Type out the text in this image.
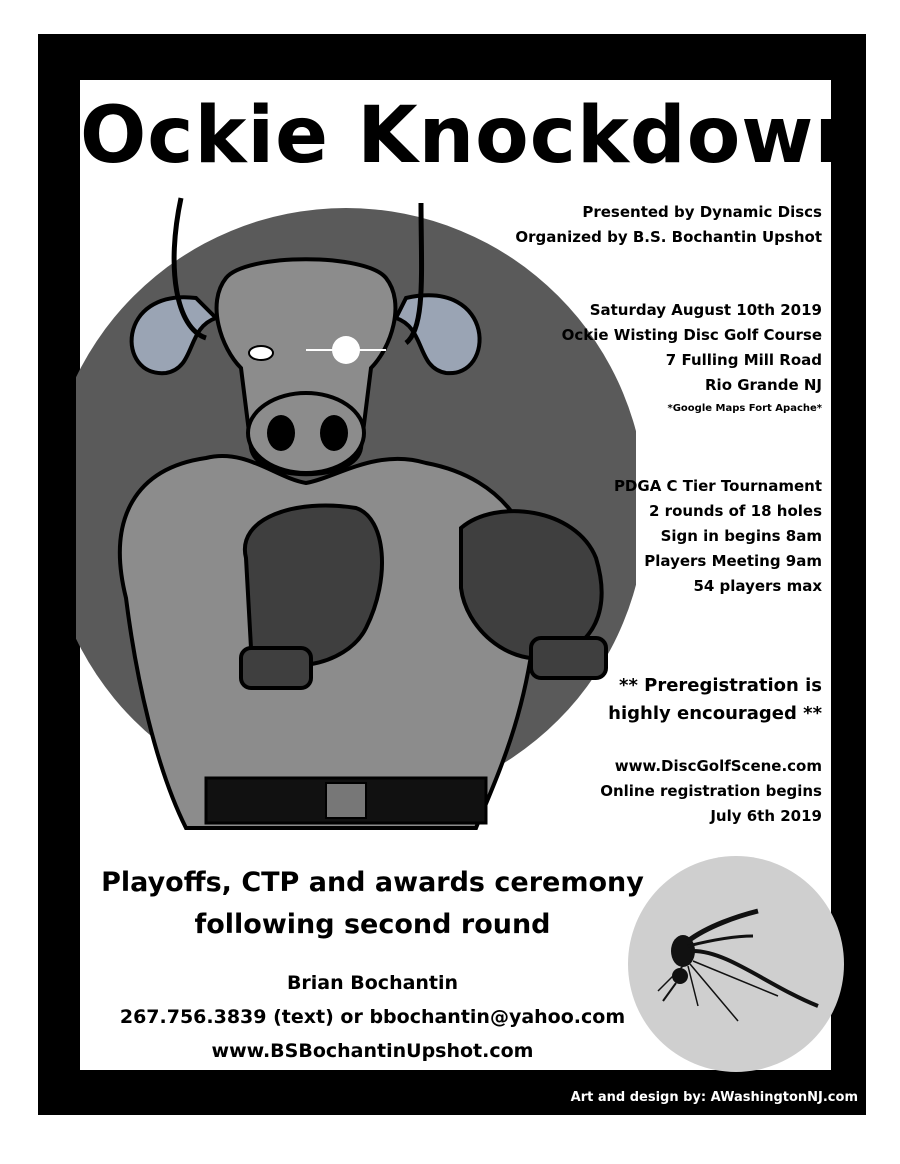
Ockie Knockdown
Presented by Dynamic Discs
Organized by B.S. Bochantin Upshot
Saturday August 10th 2019
Ockie Wisting Disc Golf Course
7 Fulling Mill Road
Rio Grande NJ
*Google Maps Fort Apache*
PDGA C Tier Tournament
2 rounds of 18 holes
Sign in begins 8am
Players Meeting 9am
54 players max
** Preregistration is
highly encouraged **
www.DiscGolfScene.com
Online registration begins
July 6th 2019
Playoffs, CTP and awards ceremony
following second round
Brian Bochantin
267.756.3839 (text) or bbochantin@yahoo.com
www.BSBochantinUpshot.com
Art and design by: AWashingtonNJ.com
